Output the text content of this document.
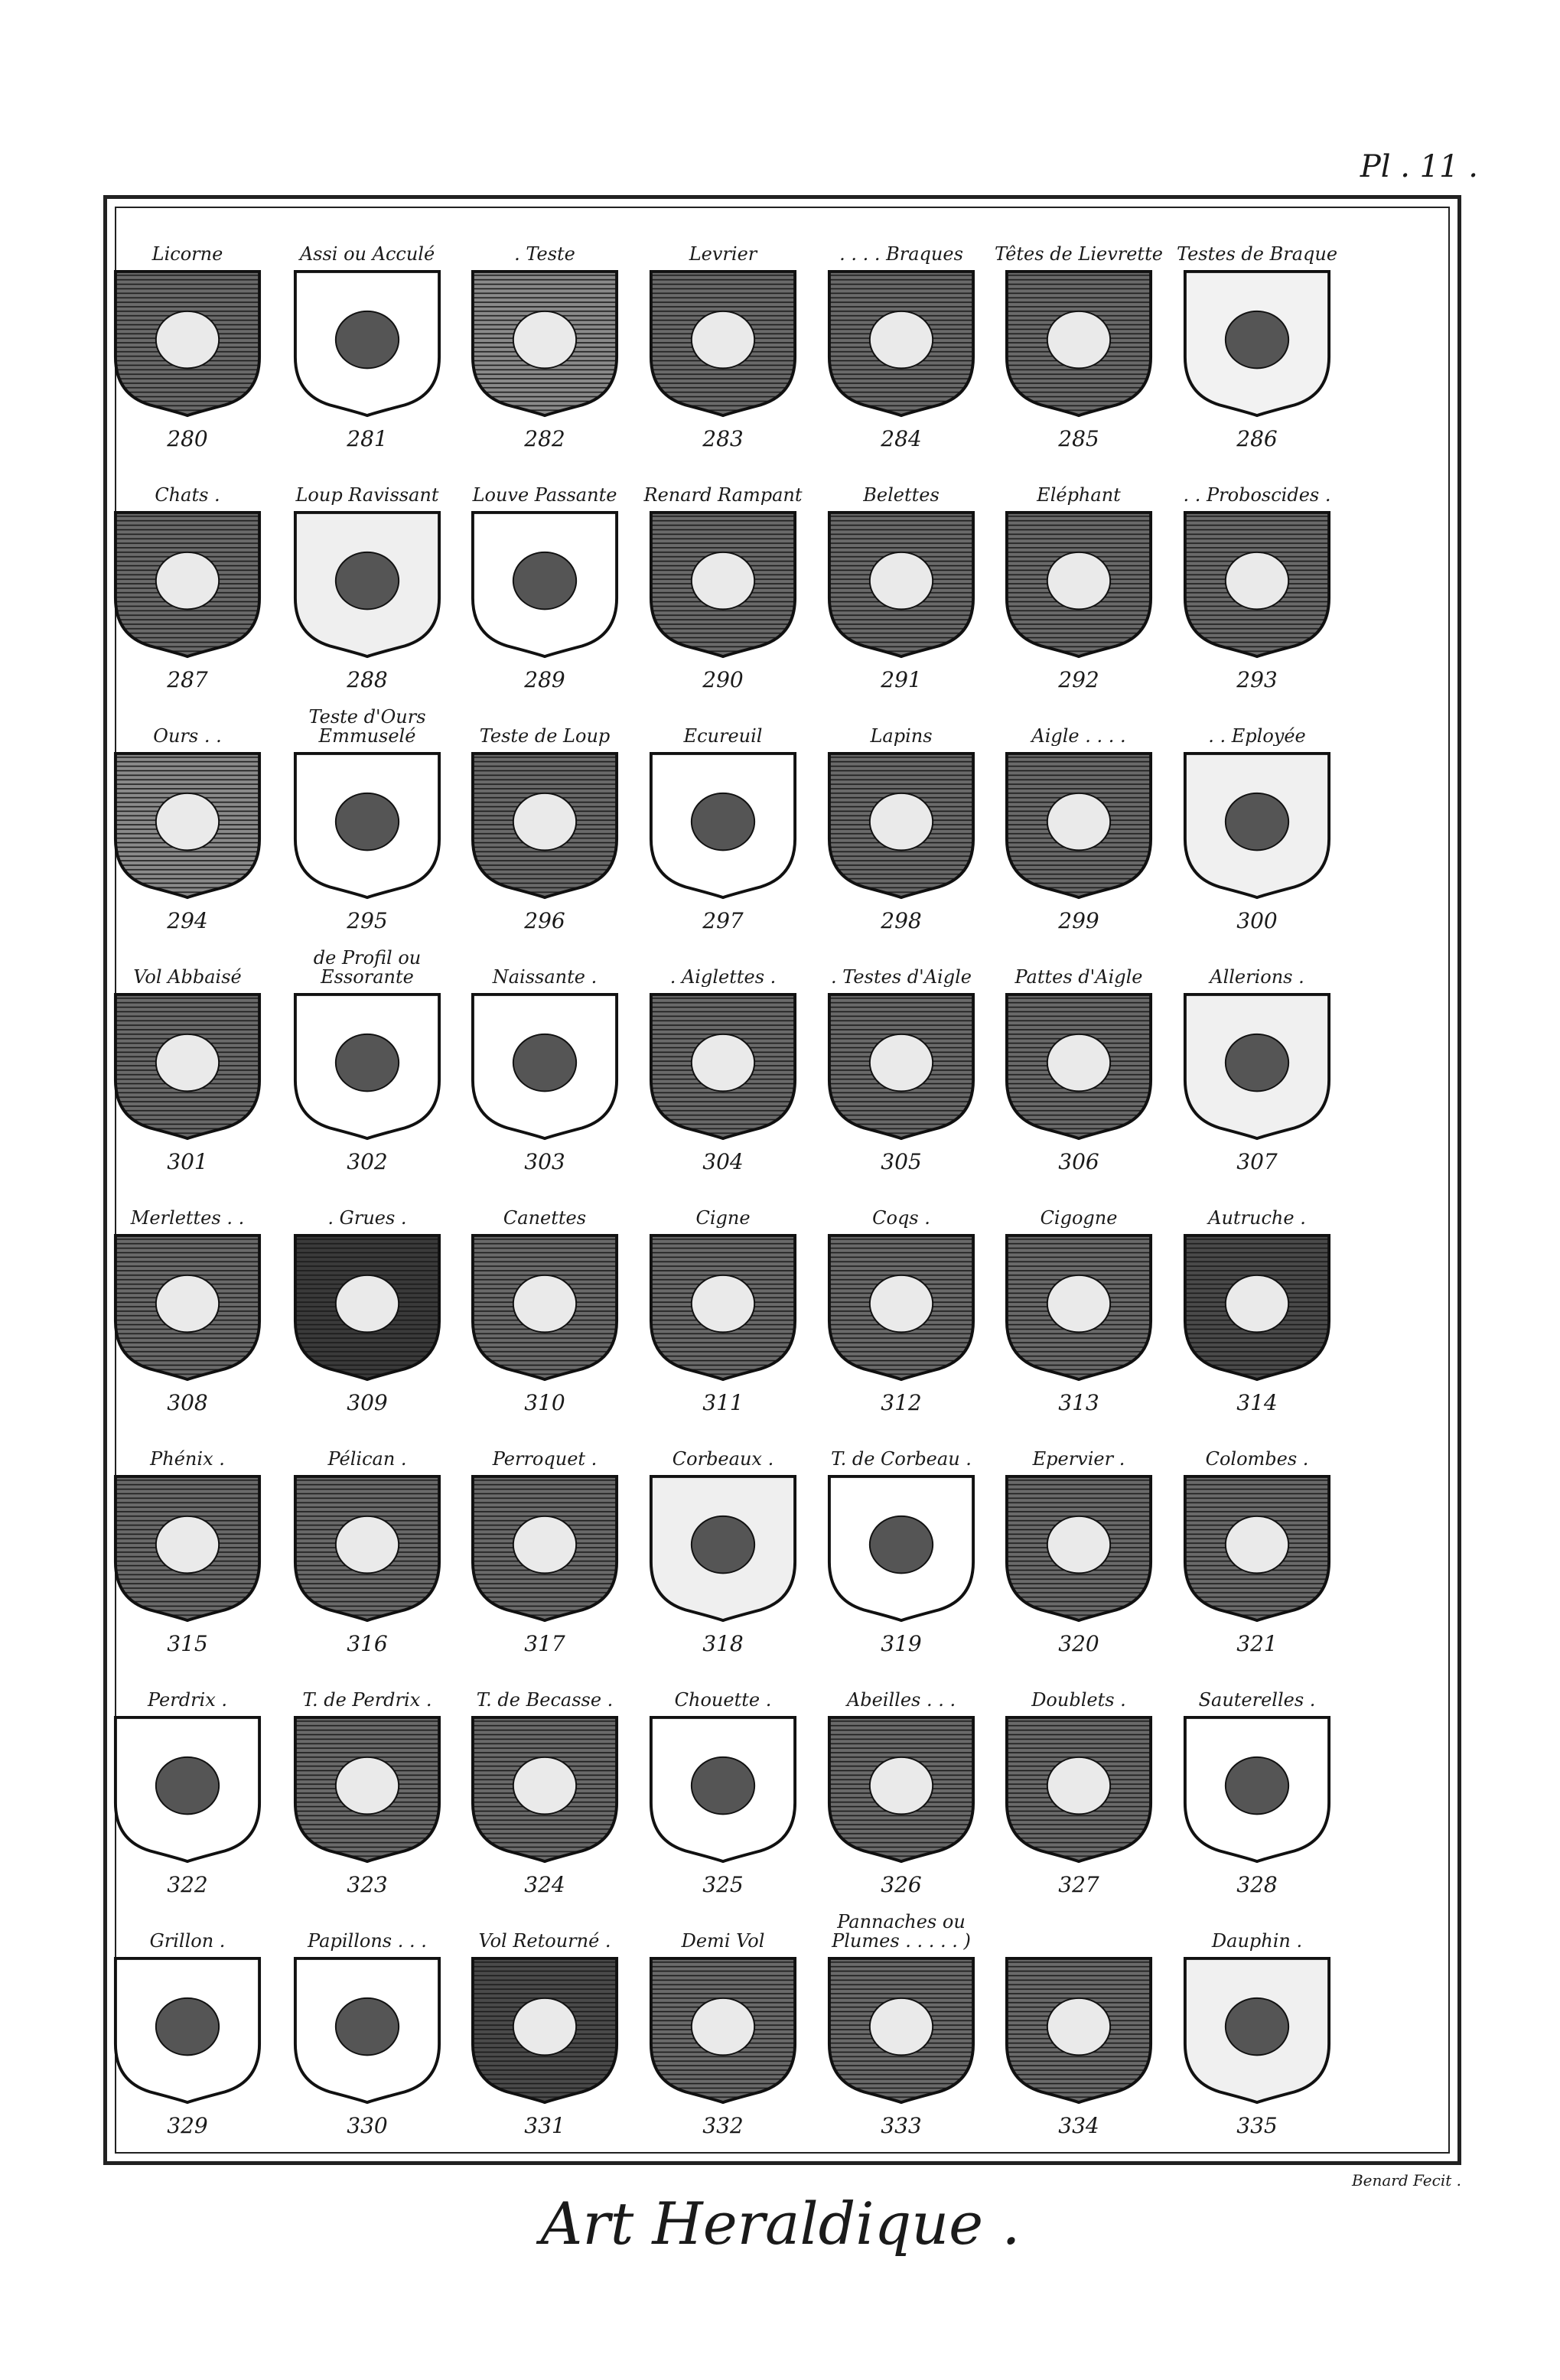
Pl . 11 .
Licorne
280
Assi ou Acculé
281
. Teste
282
Levrier
283
. . . . Braques
284
Têtes de Lievrette
285
Testes de Braque
286
Chats .
287
Loup Ravissant
288
Louve Passante
289
Renard Rampant
290
Belettes
291
Eléphant
292
. . Proboscides .
293
Ours . .
294
Teste d'Ours Emmuselé
295
Teste de Loup
296
Ecureuil
297
Lapins
298
Aigle . . . .
299
. . Eployée
300
Vol Abbaisé
301
de Profil ou Essorante
302
Naissante .
303
. Aiglettes .
304
. Testes d'Aigle
305
Pattes d'Aigle
306
Allerions .
307
Merlettes . .
308
. Grues .
309
Canettes
310
Cigne
311
Coqs .
312
Cigogne
313
Autruche .
314
Phénix .
315
Pélican .
316
Perroquet .
317
Corbeaux .
318
T. de Corbeau .
319
Epervier .
320
Colombes .
321
Perdrix .
322
T. de Perdrix .
323
T. de Becasse .
324
Chouette .
325
Abeilles . . .
326
Doublets .
327
Sauterelles .
328
Grillon .
329
Papillons . . .
330
Vol Retourné .
331
Demi Vol
332
Pannaches ou Plumes . . . . . )
333	334
Dauphin .
335
Art Heraldique .
Benard Fecit .
